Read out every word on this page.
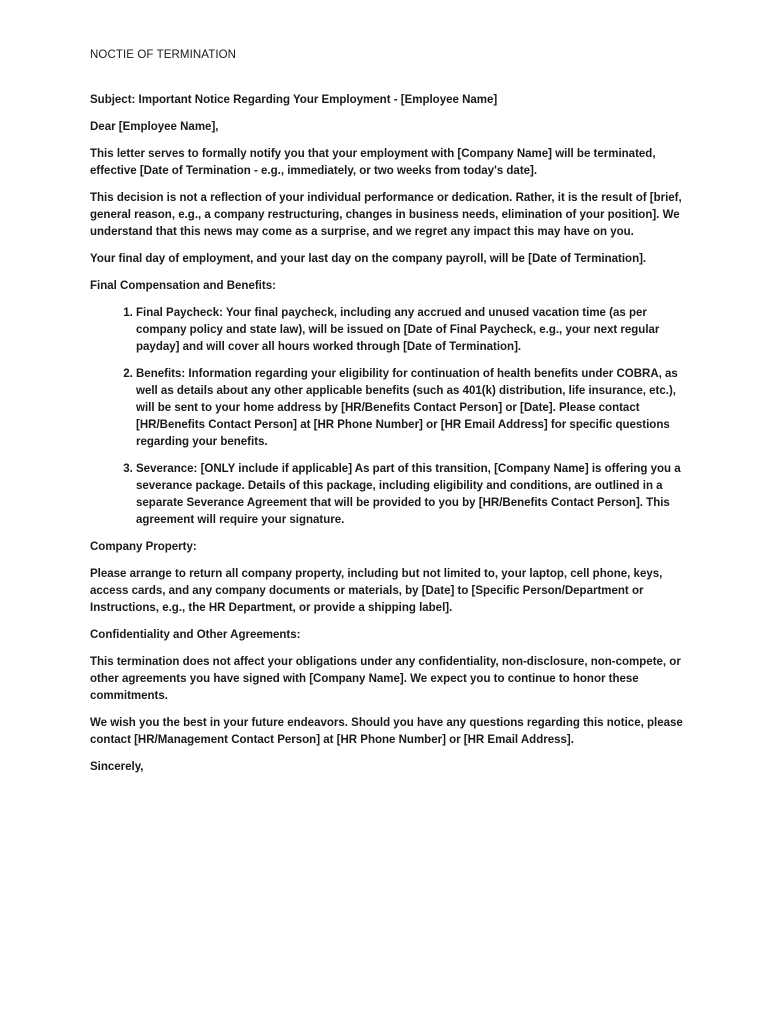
NOCTIE OF TERMINATION

Subject: Important Notice Regarding Your Employment - [Employee Name]

Dear [Employee Name],

This letter serves to formally notify you that your employment with [Company Name] will be terminated, effective [Date of Termination - e.g., immediately, or two weeks from today's date].

This decision is not a reflection of your individual performance or dedication. Rather, it is the result of [brief, general reason, e.g., a company restructuring, changes in business needs, elimination of your position]. We understand that this news may come as a surprise, and we regret any impact this may have on you.

Your final day of employment, and your last day on the company payroll, will be [Date of Termination].

Final Compensation and Benefits:

1. Final Paycheck: Your final paycheck, including any accrued and unused vacation time (as per company policy and state law), will be issued on [Date of Final Paycheck, e.g., your next regular payday] and will cover all hours worked through [Date of Termination].
2. Benefits: Information regarding your eligibility for continuation of health benefits under COBRA, as well as details about any other applicable benefits (such as 401(k) distribution, life insurance, etc.), will be sent to your home address by [HR/Benefits Contact Person] or [Date]. Please contact [HR/Benefits Contact Person] at [HR Phone Number] or [HR Email Address] for specific questions regarding your benefits.
3. Severance: [ONLY include if applicable] As part of this transition, [Company Name] is offering you a severance package. Details of this package, including eligibility and conditions, are outlined in a separate Severance Agreement that will be provided to you by [HR/Benefits Contact Person]. This agreement will require your signature.

Company Property:

Please arrange to return all company property, including but not limited to, your laptop, cell phone, keys, access cards, and any company documents or materials, by [Date] to [Specific Person/Department or Instructions, e.g., the HR Department, or provide a shipping label].

Confidentiality and Other Agreements:

This termination does not affect your obligations under any confidentiality, non-disclosure, non-compete, or other agreements you have signed with [Company Name]. We expect you to continue to honor these commitments.

We wish you the best in your future endeavors. Should you have any questions regarding this notice, please contact [HR/Management Contact Person] at [HR Phone Number] or [HR Email Address].

Sincerely,
